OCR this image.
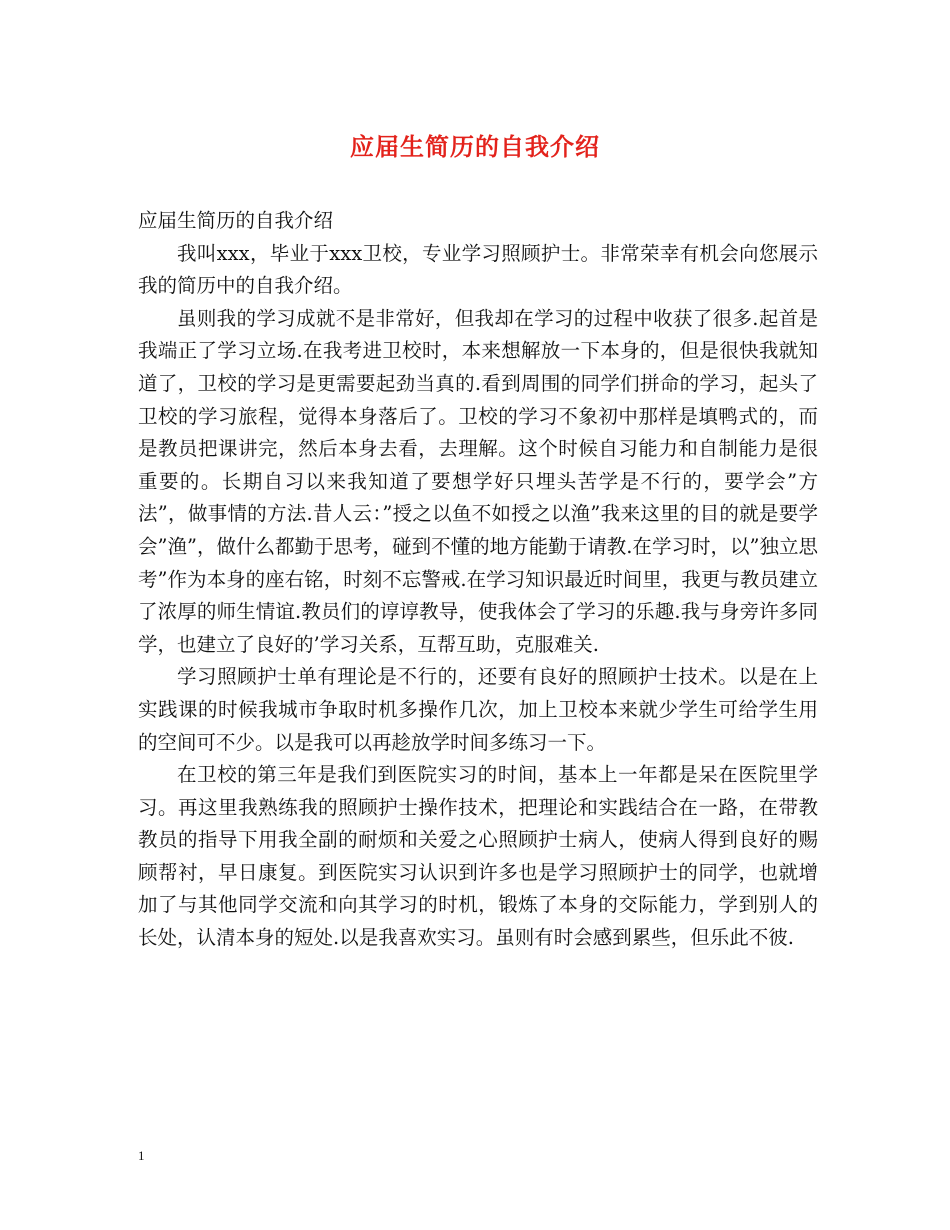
应届生简历的自我介绍

应届生简历的自我介绍

我叫xxx，毕业于xxx卫校，专业学习照顾护士。非常荣幸有机会向您展示我的简历中的自我介绍。

虽则我的学习成就不是非常好，但我却在学习的过程中收获了很多.起首是我端正了学习立场.在我考进卫校时，本来想解放一下本身的，但是很快我就知道了，卫校的学习是更需要起劲当真的.看到周围的同学们拼命的学习，起头了卫校的学习旅程，觉得本身落后了。卫校的学习不象初中那样是填鸭式的，而是教员把课讲完，然后本身去看，去理解。这个时候自习能力和自制能力是很重要的。长期自习以来我知道了要想学好只埋头苦学是不行的，要学会”方法”，做事情的方法.昔人云：”授之以鱼不如授之以渔”我来这里的目的就是要学会”渔”，做什么都勤于思考，碰到不懂的地方能勤于请教.在学习时，以”独立思考”作为本身的座右铭，时刻不忘警戒.在学习知识最近时间里，我更与教员建立了浓厚的师生情谊.教员们的谆谆教导，使我体会了学习的乐趣.我与身旁许多同学，也建立了良好的’学习关系，互帮互助，克服难关.

学习照顾护士单有理论是不行的，还要有良好的照顾护士技术。以是在上实践课的时候我城市争取时机多操作几次，加上卫校本来就少学生可给学生用的空间可不少。以是我可以再趁放学时间多练习一下。

在卫校的第三年是我们到医院实习的时间，基本上一年都是呆在医院里学习。再这里我熟练我的照顾护士操作技术，把理论和实践结合在一路，在带教教员的指导下用我全副的耐烦和关爱之心照顾护士病人，使病人得到良好的赐顾帮衬，早日康复。到医院实习认识到许多也是学习照顾护士的同学，也就增加了与其他同学交流和向其学习的时机，锻炼了本身的交际能力，学到别人的长处，认清本身的短处.以是我喜欢实习。虽则有时会感到累些，但乐此不彼.

1
